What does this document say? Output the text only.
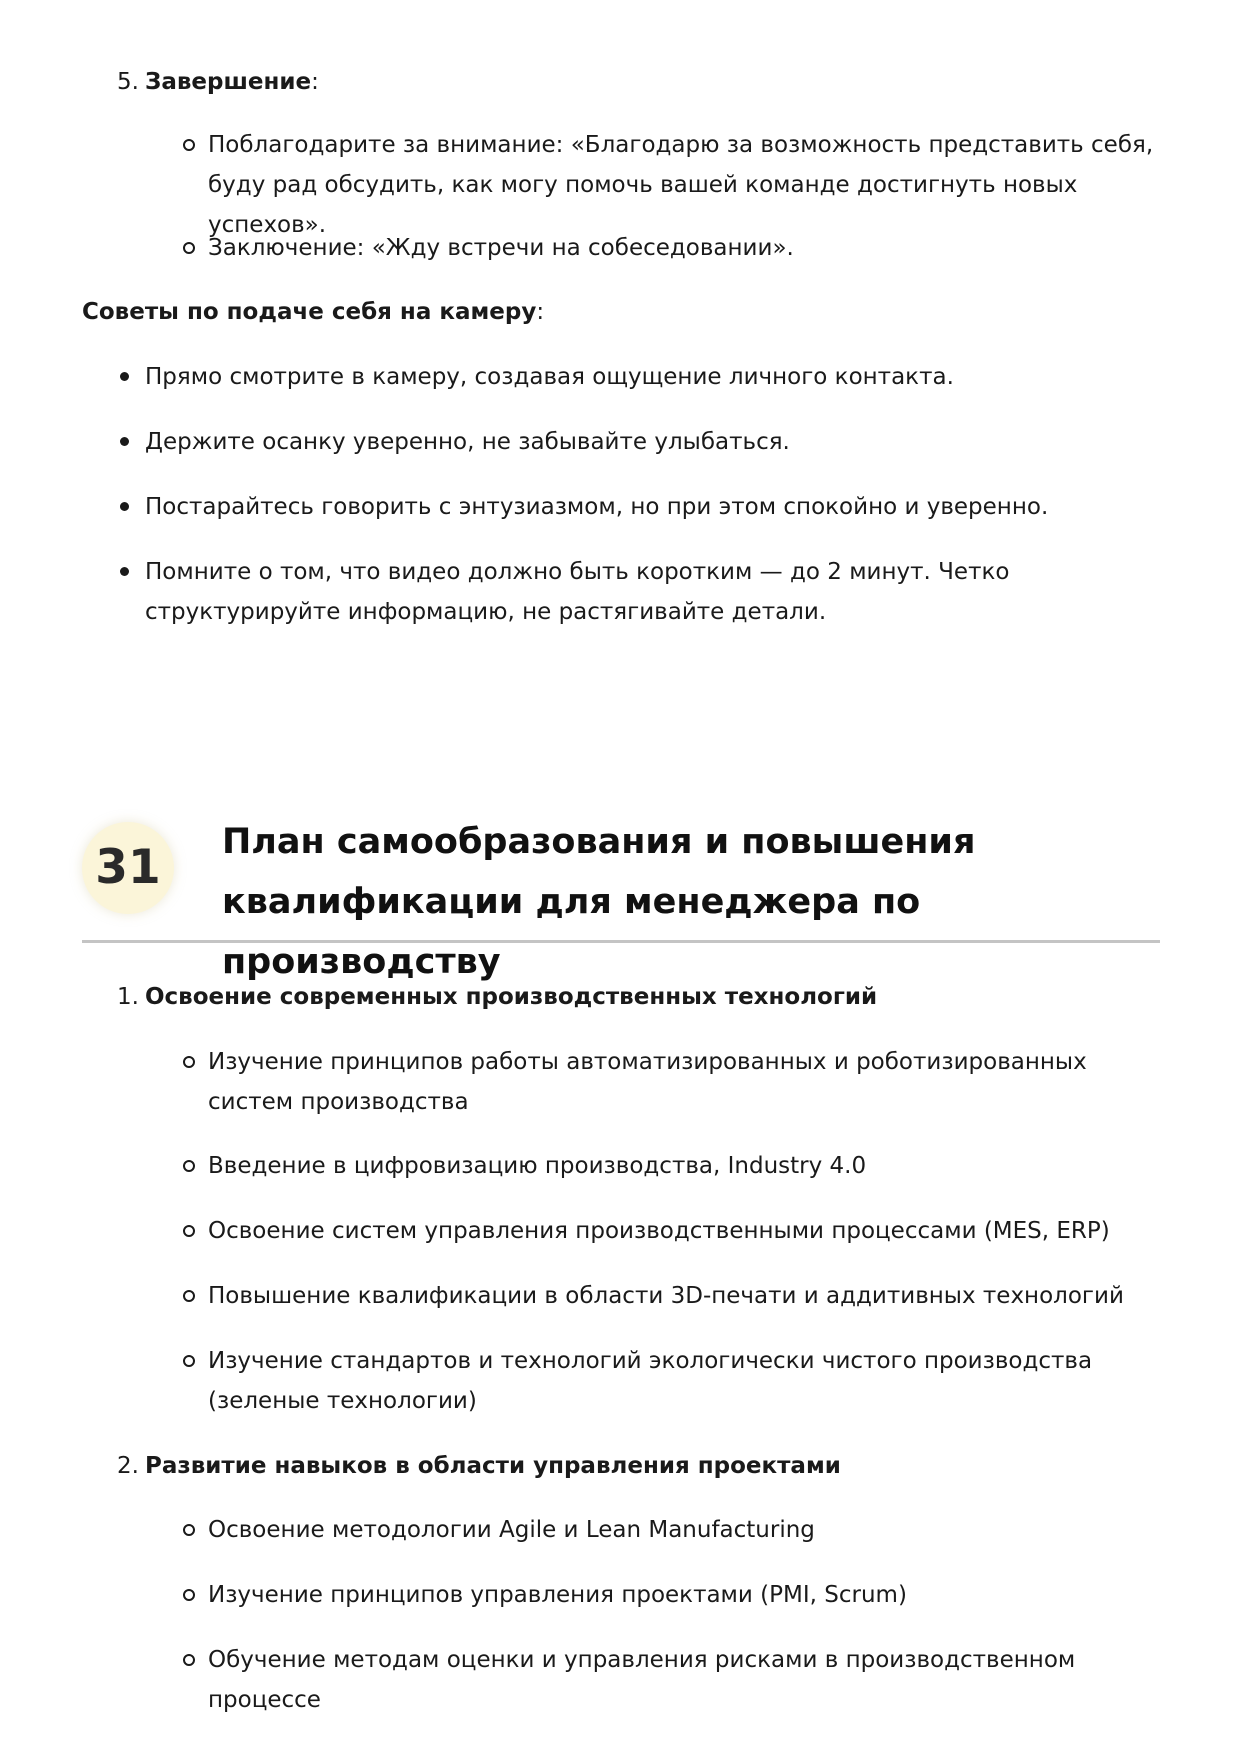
5. Завершение:
Поблагодарите за внимание: «Благодарю за возможность представить себя, буду рад обсудить, как могу помочь вашей команде достигнуть новых успехов».
Заключение: «Жду встречи на собеседовании».
Советы по подаче себя на камеру:
Прямо смотрите в камеру, создавая ощущение личного контакта.
Держите осанку уверенно, не забывайте улыбаться.
Постарайтесь говорить с энтузиазмом, но при этом спокойно и уверенно.
Помните о том, что видео должно быть коротким — до 2 минут. Четко структурируйте информацию, не растягивайте детали.
31	План самообразования и повышения квалификации для менеджера по производству
1. Освоение современных производственных технологий
Изучение принципов работы автоматизированных и роботизированных систем производства
Введение в цифровизацию производства, Industry 4.0
Освоение систем управления производственными процессами (MES, ERP)
Повышение квалификации в области 3D-печати и аддитивных технологий
Изучение стандартов и технологий экологически чистого производства (зеленые технологии)
2. Развитие навыков в области управления проектами
Освоение методологии Agile и Lean Manufacturing
Изучение принципов управления проектами (PMI, Scrum)
Обучение методам оценки и управления рисками в производственном процессе
